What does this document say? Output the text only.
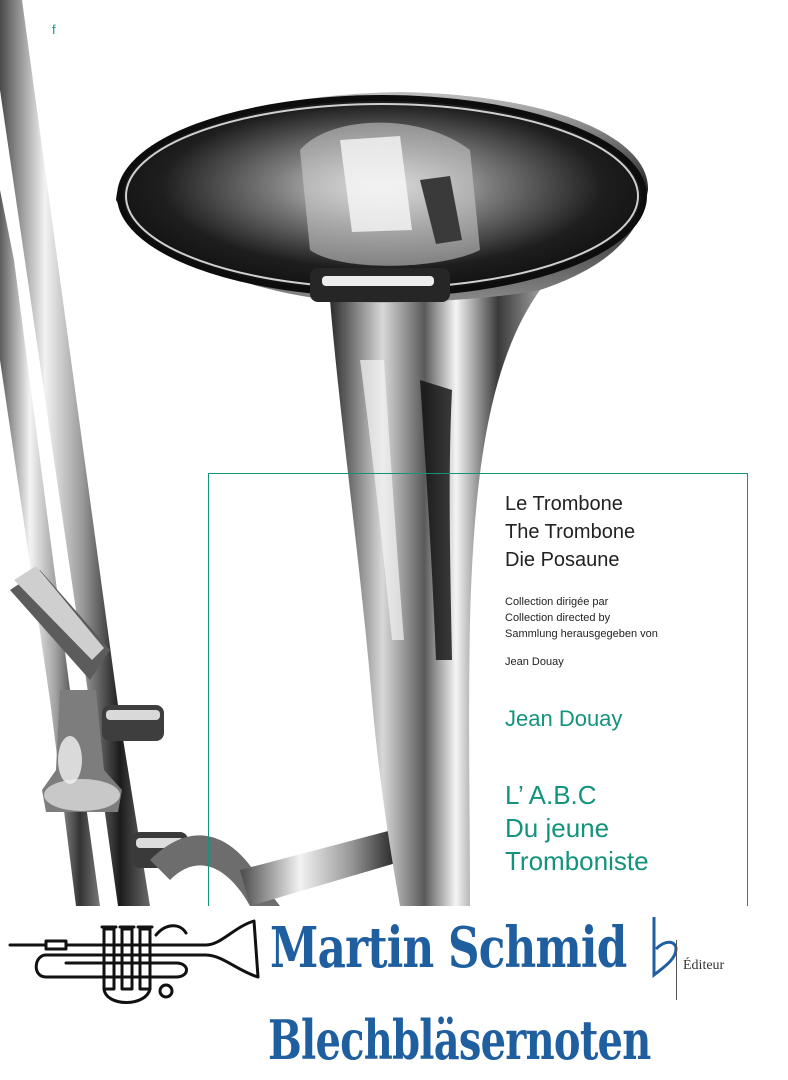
f
Le Trombone
The Trombone
Die Posaune
Collection dirigée par
Collection directed by
Sammlung herausgegeben von
Jean Douay
Jean Douay
L’ A.B.C
Du jeune
Tromboniste
Martin Schmid
Blechbläsernoten
Éditeur
